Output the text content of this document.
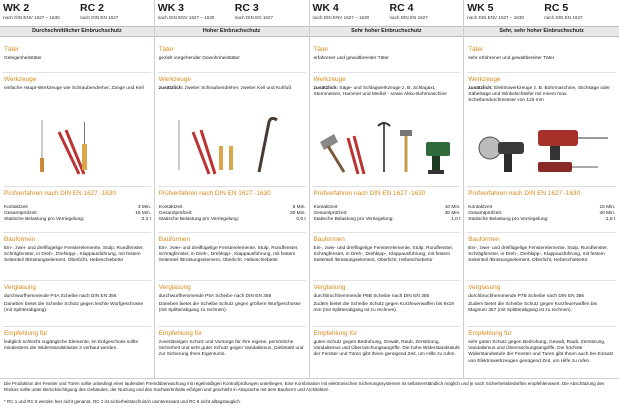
WK 2	RC 2
nach DIN ENV 1627 – 1630	nach DIN EN 1627
Durchschnittlicher Einbruchschutz
Täter
Gelegenheitstäter
Werkzeuge
einfache Haupt-Werkzeuge wie Schraubendreher, Zange und Keil
Prüfverfahren nach DIN EN 1627 -1630
Kontaktzeit	3 Min.
Gesamtprüfzeit:	15 Min.
Statische Belastung pro Verriegelung:	0,3 t
Bauformen
Ein-, zwei- und dreiflügelige Fensterelemente, Stulp, Rundfenster, Schrägfenster, in Dreh-, Drehkipp-, Klappausführung, mit festem Seitenteil /Brüstungselement, Oberlicht, Hebeschiebetür
Verglasung
durchwurfhemmende P4A Scheibe nach DIN EN 356
Daneben bietet die Scheibe Schutz gegen leichte Wurfgeschosse (mit Splitterabgang).
Empfehlung für
lediglich schlecht zugängliche Elemente, im Erdgeschoss sollte mindestens die Widerstandsklasse 3 verbaut werden.
WK 3	RC 3
nach DIN ENV 1627 – 1630	nach DIN EN 1627
Hoher Einbruchschutz
Täter
gezielt vorgehender Gewohnheitstäter
Werkzeuge
zusätzlich: zweiter Schraubendreher, zweiter Keil und Kuhfuß
Prüfverfahren nach DIN EN 1627 -1630
Kontaktzeit	5 Min.
Gesamtprüfzeit:	20 Min.
Statische Belastung pro Verriegelung:	0,6 t
Bauformen
Ein-, zwei- und dreiflügelige Fensterelemente, Stulp, Rundfenster, Schrägfenster, in Dreh-, Drehkipp-, Klappausführung, mit festem Seitenteil /Brüstungselement, Oberlicht, Hebeschiebetür
Verglasung
durchwurfhemmende P5A Scheibe nach DIN EN 356
Daneben bietet die Scheibe Schutz gegen größere Wurfgeschosse (mit Splitterabgang zu rechnen).
Empfehlung für
zuverlässigen Schutz und Vorsorge für Ihre eigene, persönliche Sicherheit und sehr guter Schutz gegen Vandalismus, Diebstahl und zur Sicherung Ihres Eigentums.
WK 4	RC 4
nach DIN ENV 1627 – 1630	nach DIN EN 1627
Sehr hoher Einbruchschutz
Täter
erfahrener und gewaltbereiter Täter
Werkzeuge
zusätzlich: Säge- und Schlagwerkzeuge z. B. Schlagaxt, Stemmeisen, Hammer und Meißel - sowie Akku-Bohrmaschine
Prüfverfahren nach DIN EN 1627 -1630
Kontaktzeit	10 Min.
Gesamtprüfzeit:	30 Min.
Statische Belastung pro Verriegelung:	1,0 t
Bauformen
Ein-, zwei- und dreiflügelige Fensterelemente, Stulp, Rundfenster, Schrägfenster, in Dreh-, Drehkipp-, Klappausführung, mit festem Seitenteil /Brüstungselement, Oberlicht, Hebeschiebetür
Verglasung
durchbruchhemmende P6B Scheibe nach DIN EN 356
Zudem bietet die Scheibe Schutz gegen Kurzfeuerwaffen bis 9x19 mm (mit Splitterabgang ist zu rechnen).
Empfehlung für
guten Schutz gegen Bedrohung, Gewalt, Raub, Zerstörung, Vandalismus und Überraschungsangriffe. Die hohe Widerstandsstufe der Fenster und Türen gibt Ihnen genügend Zeit, um Hilfe zu rufen.
WK 5	RC 5
nach DIN ENV 1627 – 1630	nach DIN EN 1627
Sehr, sehr hoher Einbruchschutz
Täter
sehr erfahrener und gewaltbereiter Täter
Werkzeuge
zusätzlich: Elektrowerkzeuge z. B. Bohrmaschine, Stichsäge oder Säbelsäge und Winkelschleifer mit einem max. Scheibendurchmesser von 125 mm
Prüfverfahren nach DIN EN 1627 -1630
Kontaktzeit	15 Min.
Gesamtprüfzeit:	40 Min.
Statische Belastung pro Verriegelung:	1,5 t
Bauformen
Ein-, zwei- und dreiflügelige Fensterelemente, Stulp, Rundfenster, Schrägfenster, in Dreh-, Drehkipp-, Klappausführung, mit festem Seitenteil /Brüstungselement, Oberlicht, Hebeschiebetür
Verglasung
durchbruchhemmende P7B Scheibe nach DIN EN 356
Zudem bietet die Scheibe Schutz gegen Kurzfeuerwaffen bis Magnum 357 (mit Splitterabgang ist zu rechnen).
Empfehlung für
sehr guten Schutz gegen Bedrohung, Gewalt, Raub, Zerstörung, Vandalismus und Überraschungsangriffe. Die höchste Widerstandsstufe der Fenster und Türen gibt Ihnen auch bei Einsatz von Elektrowerkzeugen genügend Zeit, um Hilfe zu rufen.
Die Produktion der Fenster und Türen sollte unbedingt einer laufenden Fremdüberwachung mit regelmäßigen Kontrollprüfungen unterliegen. Eine Kombination mit elektronischen Sicherungssystemen ist selbstverständlich möglich und je nach Sicherheitsbedürfnis empfehlenswert. Die Abschätzung des Risikos sollte unter Berücksichtigung des Gebäudes, der Nutzung und des Sachwertinhalts erfolgen und geschieht in Absprache mit dem Bauherrn und Architekten.
* RC 1 und RC 6 werden hier nicht genannt. RC 1 ist sicherheitstechnisch uninteressant und RC 6 nicht alltagstauglich.
